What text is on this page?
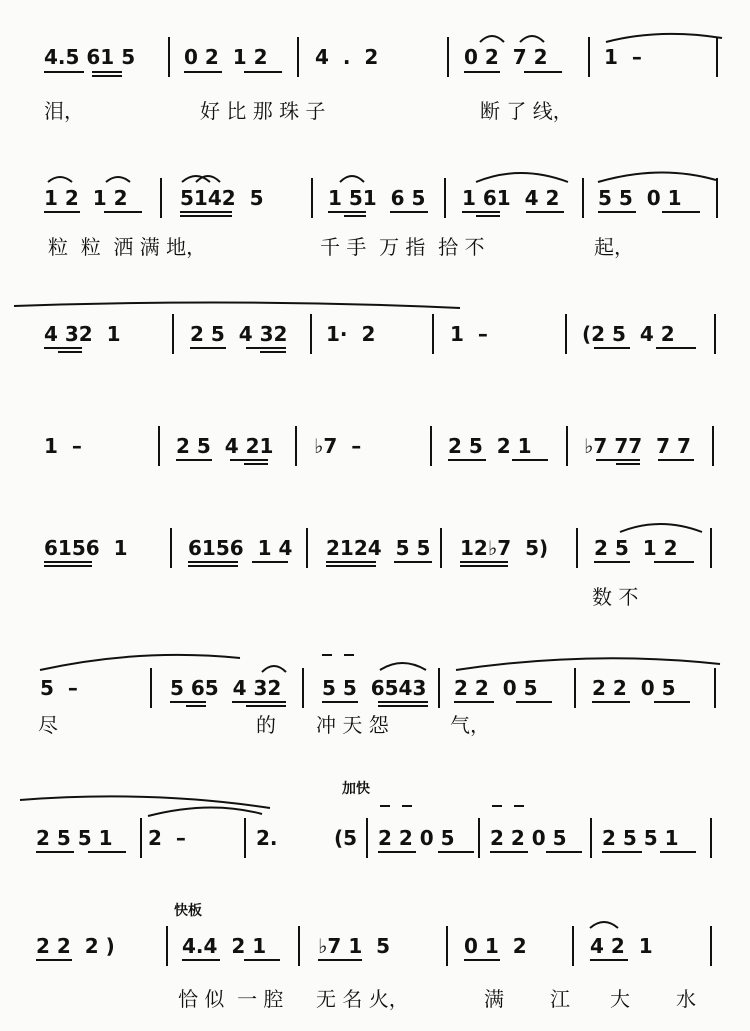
4.5 61 5 0 2  1 2 4  .  2	0 2  7 2	1  –
泪，	好 比 那 珠 子	断 了 线，
1 2  1 2	5142  5	1 51  6 5 1 61  4 2 5 5  0 1
粒  粒  洒 满 地，	千 手  万 指  拾 不	起，
4 32  1	2 5  4 32 1·  2	1  –	(2 5  4 2
1  –	2 5  4 21 ♭7  –	2 5  2 1	♭7 77  7 7
6156  1	6156  1 4 2124  5 5 12♭7  5) 2 5  1 2
数 不
5  –	5 65  4 32 5 5  6543 2 2  0 5	2 2  0 5
尽	的 冲 天 怨	气，
加快
2 5 5 1 2  –	2.	(5 2 2 0 5 2 2 0 5 2 5 5 1
快板
2 2  2 )	4.4  2 1	♭7 1  5	0 1  2	4 2  1
恰 似  一 腔 无 名 火，	满 江 大 水
